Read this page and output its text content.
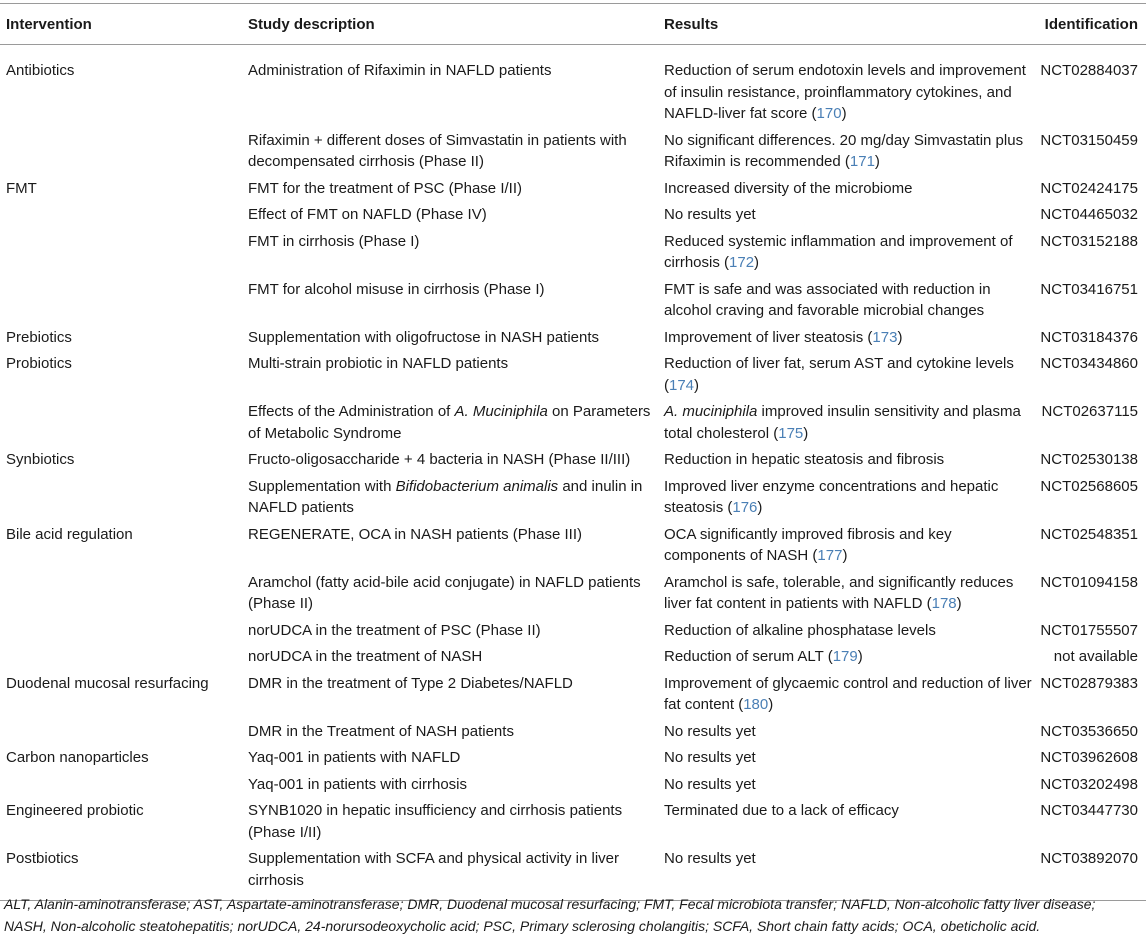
Intervention	Study description	Results	Identification
Antibiotics	Administration of Rifaximin in NAFLD patients	Reduction of serum endotoxin levels and improvement of insulin resistance, proinflammatory cytokines, and NAFLD-liver fat score (170)	NCT02884037
	Rifaximin + different doses of Simvastatin in patients with decompensated cirrhosis (Phase II)	No significant differences. 20 mg/day Simvastatin plus Rifaximin is recommended (171)	NCT03150459
FMT	FMT for the treatment of PSC (Phase I/II)	Increased diversity of the microbiome	NCT02424175
	Effect of FMT on NAFLD (Phase IV)	No results yet	NCT04465032
	FMT in cirrhosis (Phase I)	Reduced systemic inflammation and improvement of cirrhosis (172)	NCT03152188
	FMT for alcohol misuse in cirrhosis (Phase I)	FMT is safe and was associated with reduction in alcohol craving and favorable microbial changes	NCT03416751
Prebiotics	Supplementation with oligofructose in NASH patients	Improvement of liver steatosis (173)	NCT03184376
Probiotics	Multi-strain probiotic in NAFLD patients	Reduction of liver fat, serum AST and cytokine levels (174)	NCT03434860
	Effects of the Administration of A. Muciniphila on Parameters of Metabolic Syndrome	A. muciniphila improved insulin sensitivity and plasma total cholesterol (175)	NCT02637115
Synbiotics	Fructo-oligosaccharide + 4 bacteria in NASH (Phase II/III)	Reduction in hepatic steatosis and fibrosis	NCT02530138
	Supplementation with Bifidobacterium animalis and inulin in NAFLD patients	Improved liver enzyme concentrations and hepatic steatosis (176)	NCT02568605
Bile acid regulation	REGENERATE, OCA in NASH patients (Phase III)	OCA significantly improved fibrosis and key components of NASH (177)	NCT02548351
	Aramchol (fatty acid-bile acid conjugate) in NAFLD patients (Phase II)	Aramchol is safe, tolerable, and significantly reduces liver fat content in patients with NAFLD (178)	NCT01094158
	norUDCA in the treatment of PSC (Phase II)	Reduction of alkaline phosphatase levels	NCT01755507
	norUDCA in the treatment of NASH	Reduction of serum ALT (179)	not available
Duodenal mucosal resurfacing	DMR in the treatment of Type 2 Diabetes/NAFLD	Improvement of glycaemic control and reduction of liver fat content (180)	NCT02879383
	DMR in the Treatment of NASH patients	No results yet	NCT03536650
Carbon nanoparticles	Yaq-001 in patients with NAFLD	No results yet	NCT03962608
	Yaq-001 in patients with cirrhosis	No results yet	NCT03202498
Engineered probiotic	SYNB1020 in hepatic insufficiency and cirrhosis patients (Phase I/II)	Terminated due to a lack of efficacy	NCT03447730
Postbiotics	Supplementation with SCFA and physical activity in liver cirrhosis	No results yet	NCT03892070
ALT, Alanin-aminotransferase; AST, Aspartate-aminotransferase; DMR, Duodenal mucosal resurfacing; FMT, Fecal microbiota transfer; NAFLD, Non-alcoholic fatty liver disease; NASH, Non-alcoholic steatohepatitis; norUDCA, 24-norursodeoxycholic acid; PSC, Primary sclerosing cholangitis; SCFA, Short chain fatty acids; OCA, obeticholic acid.
